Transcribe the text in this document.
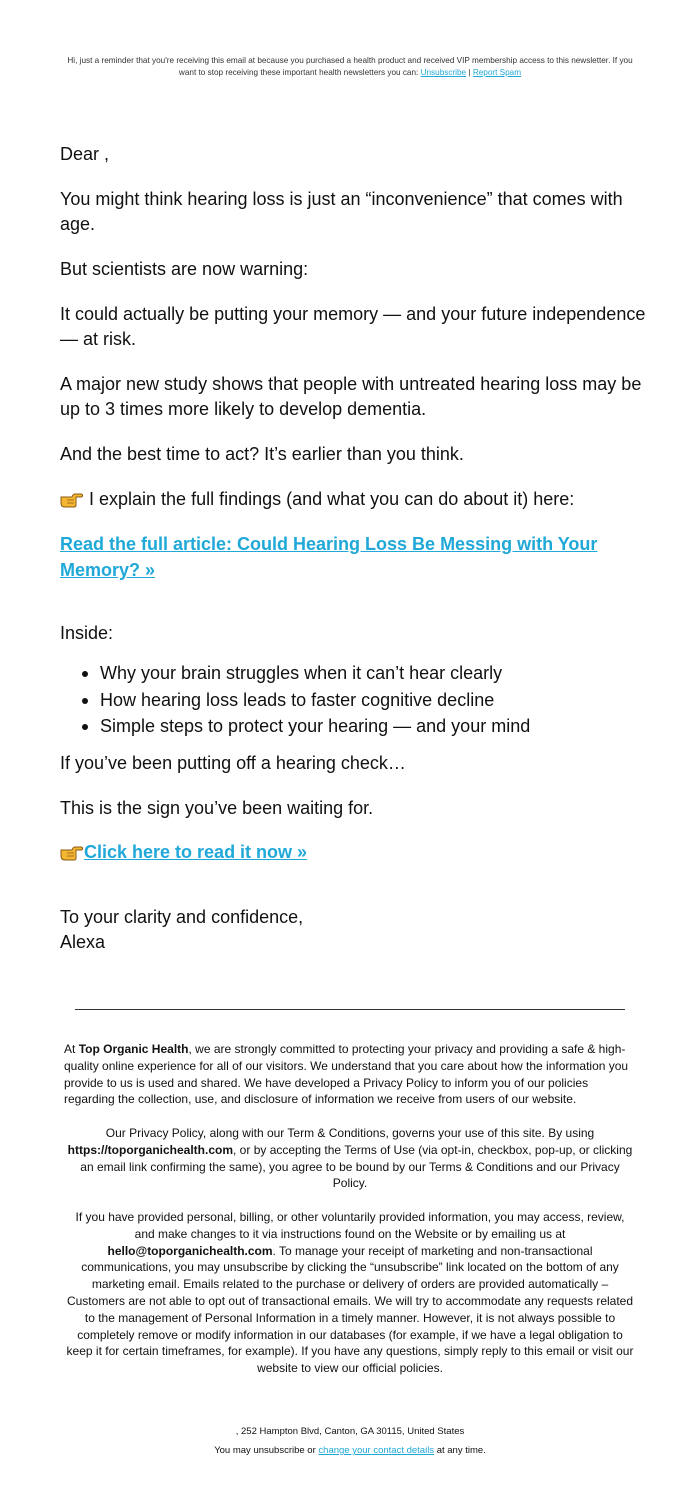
Hi, just a reminder that you're receiving this email at because you purchased a health product and received VIP membership access to this newsletter. If you want to stop receiving these important health newsletters you can: Unsubscribe | Report Spam

Dear ,

You might think hearing loss is just an “inconvenience” that comes with age.

But scientists are now warning:

It could actually be putting your memory — and your future independence — at risk.

A major new study shows that people with untreated hearing loss may be up to 3 times more likely to develop dementia.

And the best time to act? It’s earlier than you think.

I explain the full findings (and what you can do about it) here:

Read the full article: Could Hearing Loss Be Messing with Your Memory? »

Inside:

Why your brain struggles when it can’t hear clearly
How hearing loss leads to faster cognitive decline
Simple steps to protect your hearing — and your mind

If you’ve been putting off a hearing check…

This is the sign you’ve been waiting for.

Click here to read it now »

To your clarity and confidence,

Alexa

At Top Organic Health, we are strongly committed to protecting your privacy and providing a safe & high-quality online experience for all of our visitors. We understand that you care about how the information you provide to us is used and shared. We have developed a Privacy Policy to inform you of our policies regarding the collection, use, and disclosure of information we receive from users of our website.

Our Privacy Policy, along with our Term & Conditions, governs your use of this site. By using https://toporganichealth.com, or by accepting the Terms of Use (via opt-in, checkbox, pop-up, or clicking an email link confirming the same), you agree to be bound by our Terms & Conditions and our Privacy Policy.

If you have provided personal, billing, or other voluntarily provided information, you may access, review, and make changes to it via instructions found on the Website or by emailing us at hello@toporganichealth.com. To manage your receipt of marketing and non-transactional communications, you may unsubscribe by clicking the “unsubscribe” link located on the bottom of any marketing email. Emails related to the purchase or delivery of orders are provided automatically – Customers are not able to opt out of transactional emails. We will try to accommodate any requests related to the management of Personal Information in a timely manner. However, it is not always possible to completely remove or modify information in our databases (for example, if we have a legal obligation to keep it for certain timeframes, for example). If you have any questions, simply reply to this email or visit our website to view our official policies.

, 252 Hampton Blvd, Canton, GA 30115, United States
You may unsubscribe or change your contact details at any time.
